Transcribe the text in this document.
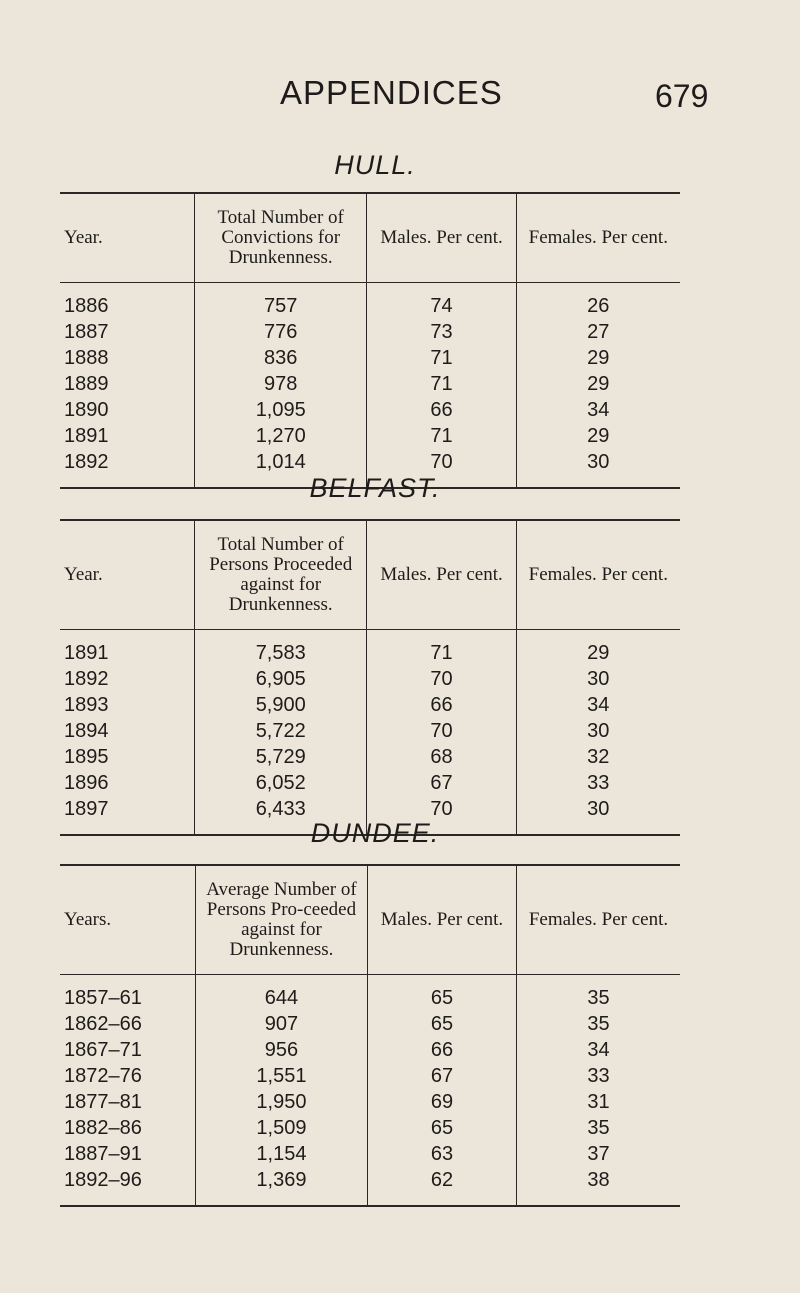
APPENDICES	679
HULL.
Year.	Total Number of Convictions for Drunkenness.	Males. Per cent.	Females. Per cent.
1886	757	74	26
1887	776	73	27
1888	836	71	29
1889	978	71	29
1890	1,095	66	34
1891	1,270	71	29
1892	1,014	70	30
BELFAST.
Year.	Total Number of Persons Proceeded against for Drunkenness.	Males. Per cent.	Females. Per cent.
1891	7,583	71	29
1892	6,905	70	30
1893	5,900	66	34
1894	5,722	70	30
1895	5,729	68	32
1896	6,052	67	33
1897	6,433	70	30
DUNDEE.
Years.	Average Number of Persons Pro-ceeded against for Drunkenness.	Males. Per cent.	Females. Per cent.
1857–61	644	65	35
1862–66	907	65	35
1867–71	956	66	34
1872–76	1,551	67	33
1877–81	1,950	69	31
1882–86	1,509	65	35
1887–91	1,154	63	37
1892–96	1,369	62	38
